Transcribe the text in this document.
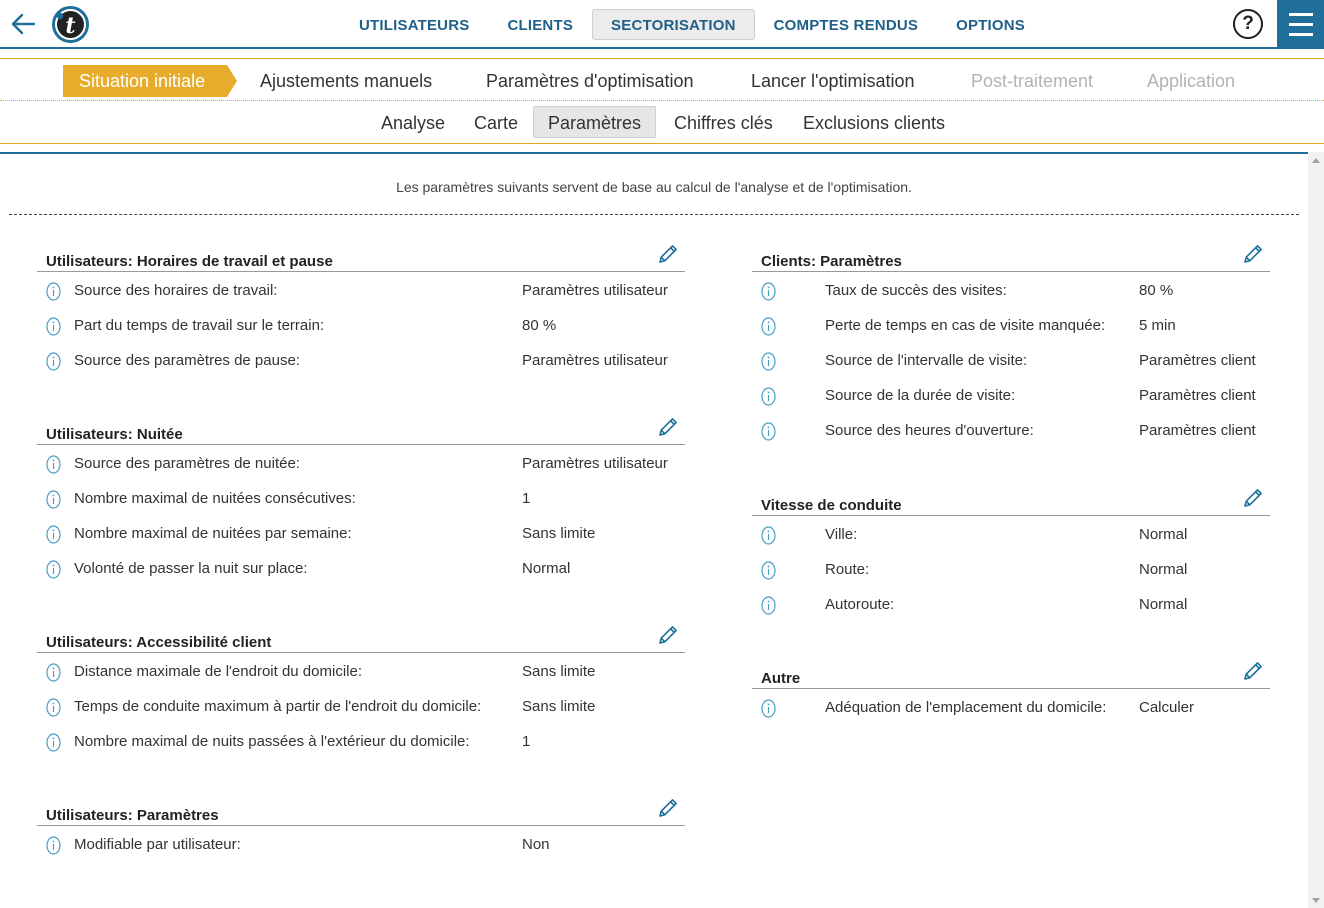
t	UTILISATEURS	CLIENTS	SECTORISATION	COMPTES RENDUS	OPTIONS	?
Situation initiale	Ajustements manuels	Paramètres d'optimisation	Lancer l'optimisation	Post-traitement	Application
Analyse	Carte	Paramètres	Chiffres clés	Exclusions clients
Les paramètres suivants servent de base au calcul de l'analyse et de l'optimisation.
Utilisateurs: Horaires de travail et pause
Source des horaires de travail:	Paramètres utilisateur
Part du temps de travail sur le terrain:	80 %
Source des paramètres de pause:	Paramètres utilisateur
Utilisateurs: Nuitée
Source des paramètres de nuitée:	Paramètres utilisateur
Nombre maximal de nuitées consécutives:	1
Nombre maximal de nuitées par semaine:	Sans limite
Volonté de passer la nuit sur place:	Normal
Utilisateurs: Accessibilité client
Distance maximale de l'endroit du domicile:	Sans limite
Temps de conduite maximum à partir de l'endroit du domicile:	Sans limite
Nombre maximal de nuits passées à l'extérieur du domicile:	1
Utilisateurs: Paramètres
Modifiable par utilisateur:	Non
Clients: Paramètres
Taux de succès des visites:	80 %
Perte de temps en cas de visite manquée: 5 min
Source de l'intervalle de visite:	Paramètres client
Source de la durée de visite:	Paramètres client
Source des heures d'ouverture:	Paramètres client
Vitesse de conduite
Ville:	Normal
Route:	Normal
Autoroute:	Normal
Autre
Adéquation de l'emplacement du domicile: Calculer
